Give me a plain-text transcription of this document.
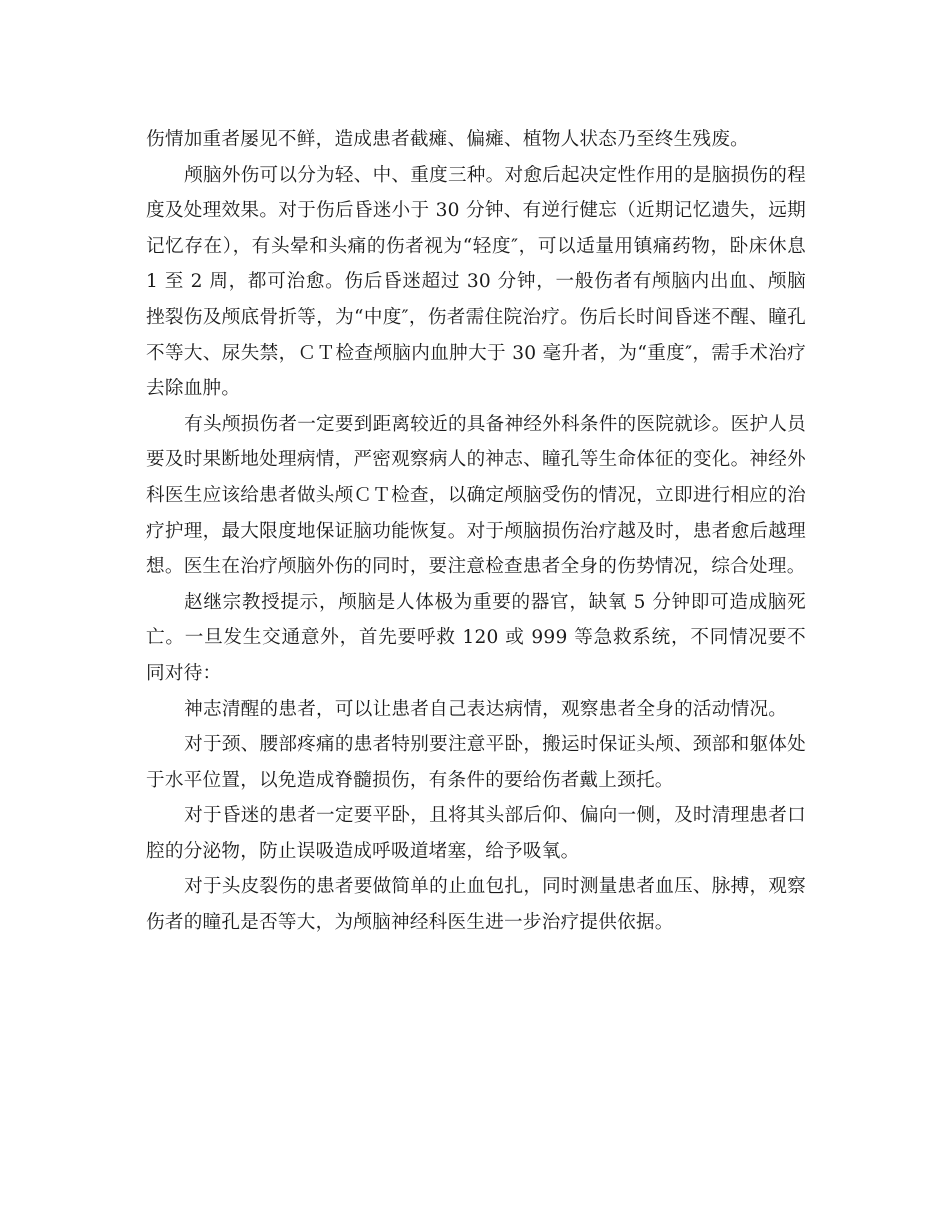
伤情加重者屡见不鲜，造成患者截瘫、偏瘫、植物人状态乃至终生残废。

颅脑外伤可以分为轻、中、重度三种。对愈后起决定性作用的是脑损伤的程度及处理效果。对于伤后昏迷小于 30 分钟、有逆行健忘（近期记忆遗失，远期记忆存在），有头晕和头痛的伤者视为“轻度″，可以适量用镇痛药物，卧床休息 1 至 2 周，都可治愈。伤后昏迷超过 30 分钟，一般伤者有颅脑内出血、颅脑挫裂伤及颅底骨折等，为“中度″，伤者需住院治疗。伤后长时间昏迷不醒、瞳孔不等大、尿失禁，ＣＴ检查颅脑内血肿大于 30 毫升者，为“重度″，需手术治疗去除血肿。

有头颅损伤者一定要到距离较近的具备神经外科条件的医院就诊。医护人员要及时果断地处理病情，严密观察病人的神志、瞳孔等生命体征的变化。神经外科医生应该给患者做头颅ＣＴ检查，以确定颅脑受伤的情况，立即进行相应的治疗护理，最大限度地保证脑功能恢复。对于颅脑损伤治疗越及时，患者愈后越理想。医生在治疗颅脑外伤的同时，要注意检查患者全身的伤势情况，综合处理。

赵继宗教授提示，颅脑是人体极为重要的器官，缺氧 5 分钟即可造成脑死亡。一旦发生交通意外，首先要呼救 120 或 999 等急救系统，不同情况要不同对待：

神志清醒的患者，可以让患者自己表达病情，观察患者全身的活动情况。

对于颈、腰部疼痛的患者特别要注意平卧，搬运时保证头颅、颈部和躯体处于水平位置，以免造成脊髓损伤，有条件的要给伤者戴上颈托。

对于昏迷的患者一定要平卧，且将其头部后仰、偏向一侧，及时清理患者口腔的分泌物，防止误吸造成呼吸道堵塞，给予吸氧。

对于头皮裂伤的患者要做简单的止血包扎，同时测量患者血压、脉搏，观察伤者的瞳孔是否等大，为颅脑神经科医生进一步治疗提供依据。
